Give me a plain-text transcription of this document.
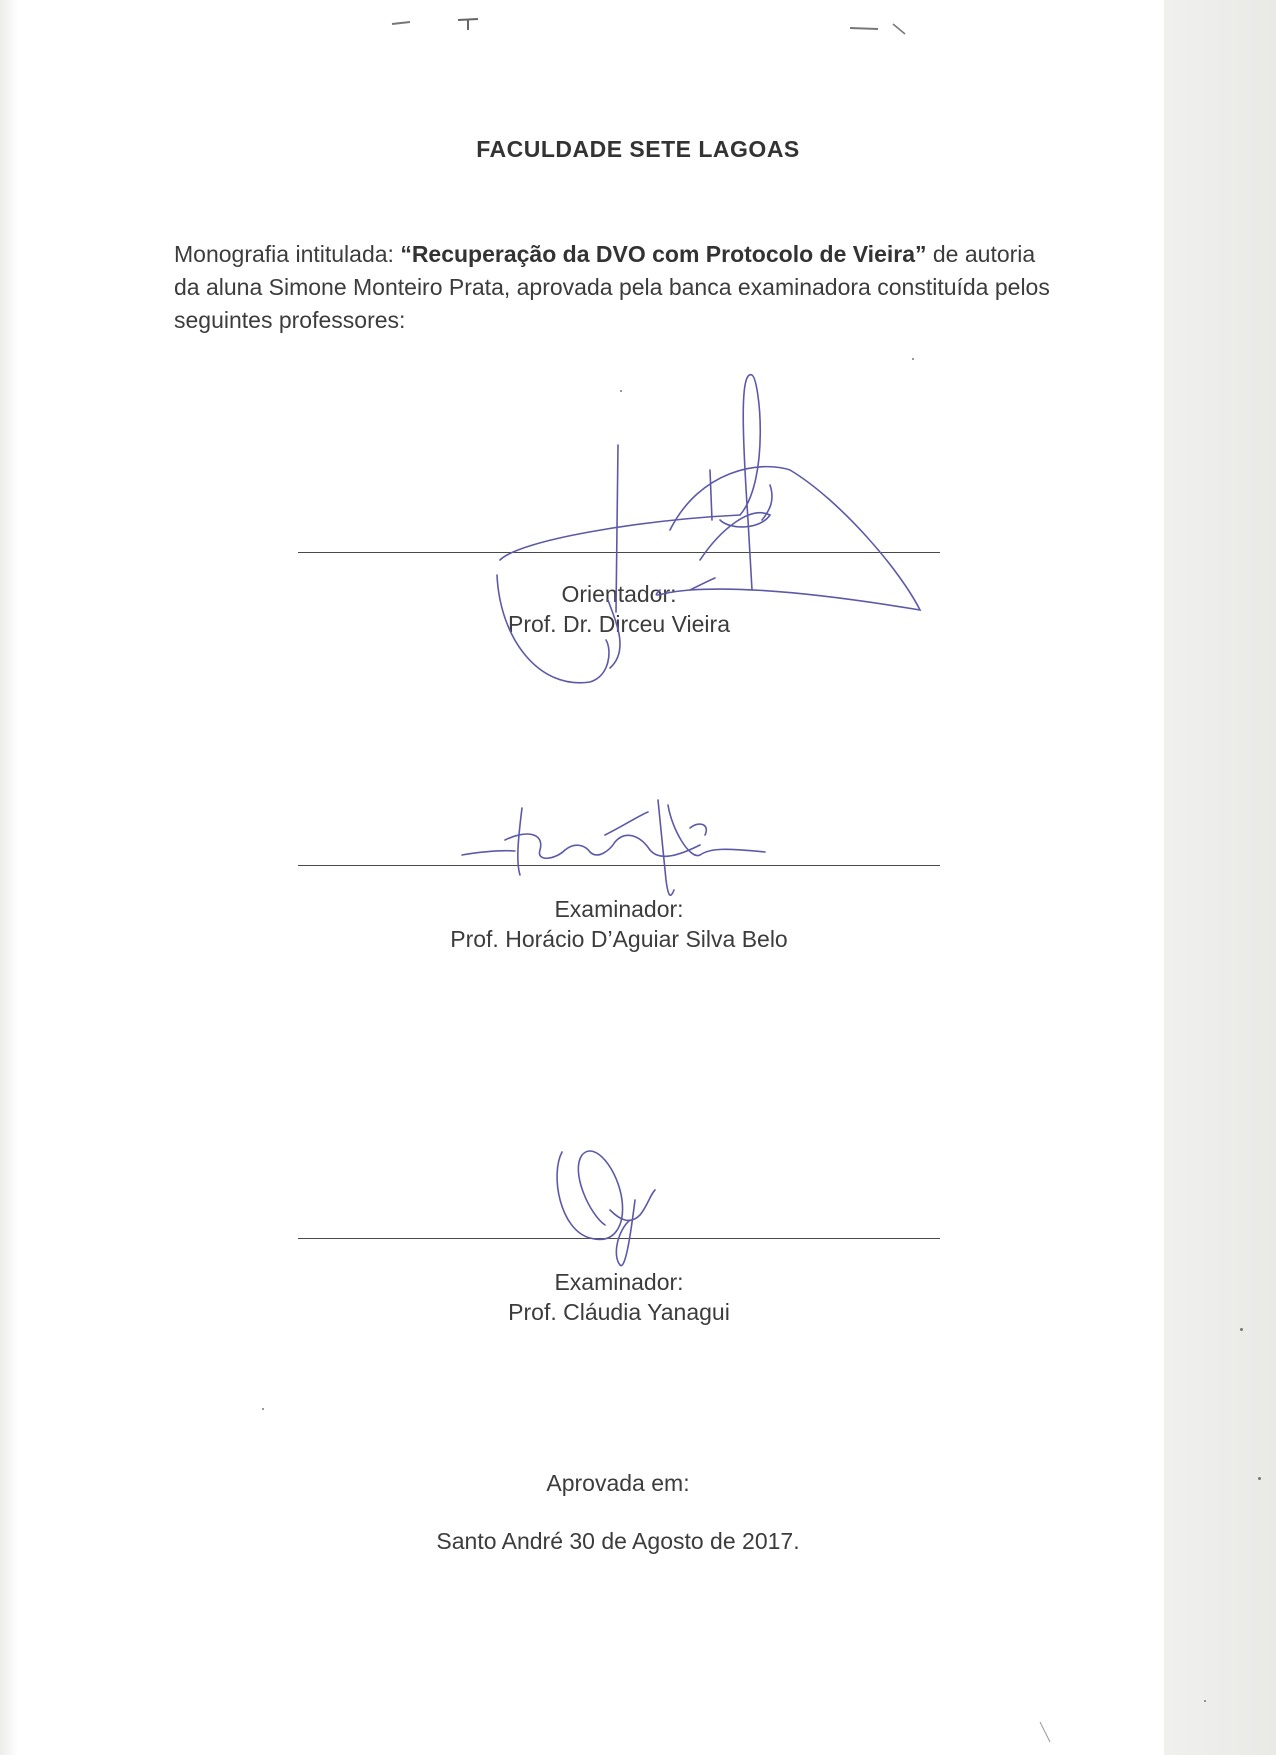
FACULDADE SETE LAGOAS
Monografia intitulada: “Recuperação da DVO com Protocolo de Vieira” de autoria da aluna Simone Monteiro Prata, aprovada pela banca examinadora constituída pelos seguintes professores:
Orientador:
Prof. Dr. Dirceu Vieira
Examinador:
Prof. Horácio D’Aguiar Silva Belo
Examinador:
Prof. Cláudia Yanagui
Aprovada em:
Santo André 30 de Agosto de 2017.
